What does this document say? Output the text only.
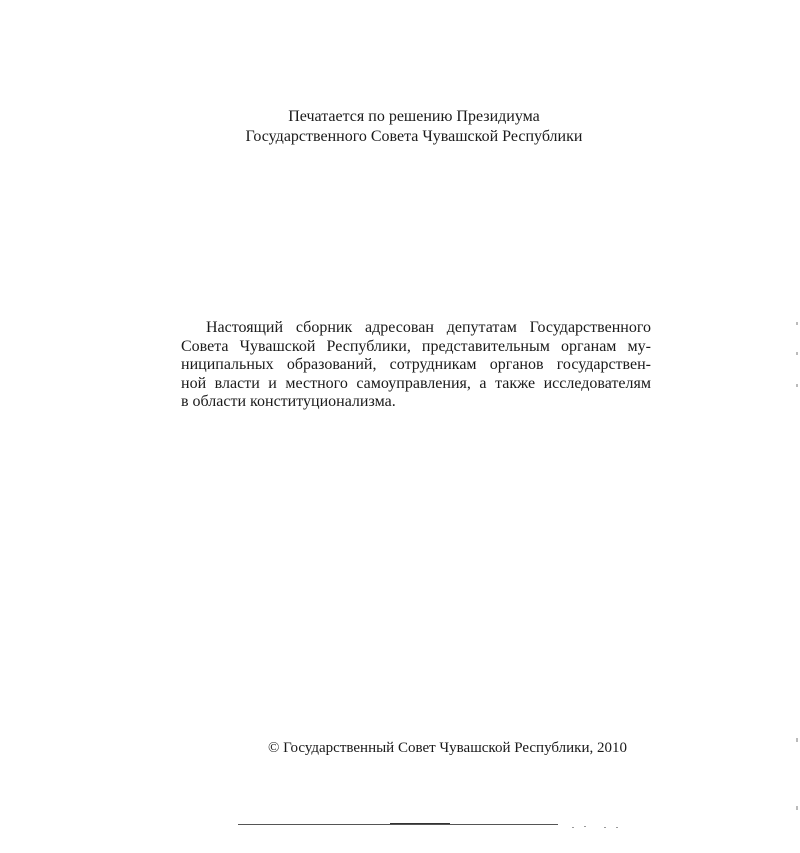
Печатается по решению Президиума
Государственного Совета Чувашской Республики
Настоящий сборник адресован депутатам Государственного
Совета Чувашской Республики, представительным органам му-
ниципальных образований, сотрудникам органов государствен-
ной власти и местного самоуправления, а также исследователям
в области конституционализма.
© Государственный Совет Чувашской Республики, 2010
